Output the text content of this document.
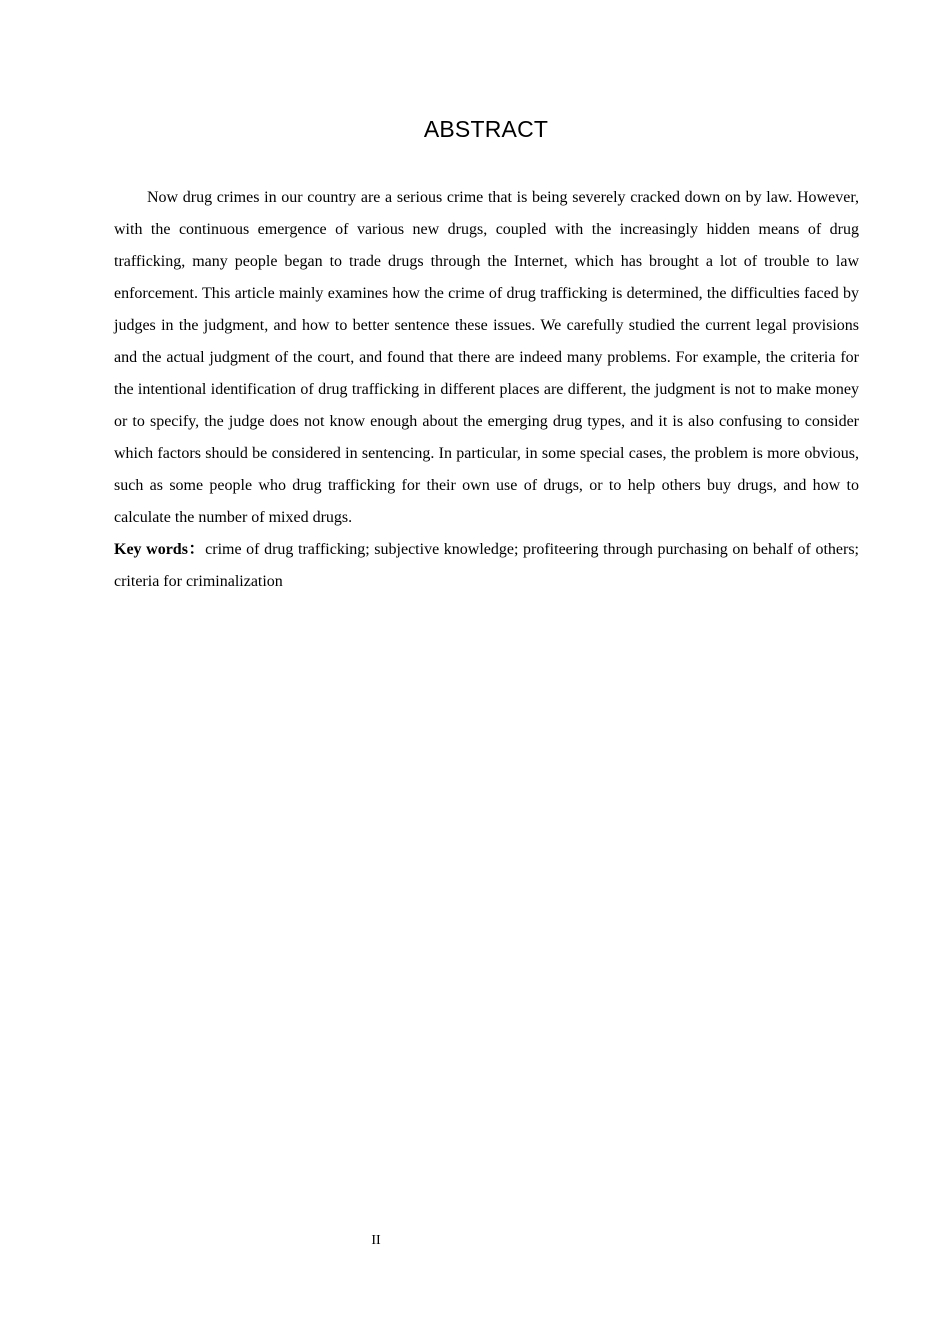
ABSTRACT

Now drug crimes in our country are a serious crime that is being severely cracked down on by law. However, with the continuous emergence of various new drugs, coupled with the increasingly hidden means of drug trafficking, many people began to trade drugs through the Internet, which has brought a lot of trouble to law enforcement. This article mainly examines how the crime of drug trafficking is determined, the difficulties faced by judges in the judgment, and how to better sentence these issues. We carefully studied the current legal provisions and the actual judgment of the court, and found that there are indeed many problems. For example, the criteria for the intentional identification of drug trafficking in different places are different, the judgment is not to make money or to specify, the judge does not know enough about the emerging drug types, and it is also confusing to consider which factors should be considered in sentencing. In particular, in some special cases, the problem is more obvious, such as some people who drug trafficking for their own use of drugs, or to help others buy drugs, and how to calculate the number of mixed drugs.

Key words：crime of drug trafficking; subjective knowledge; profiteering through purchasing on behalf of others; criteria for criminalization

II
